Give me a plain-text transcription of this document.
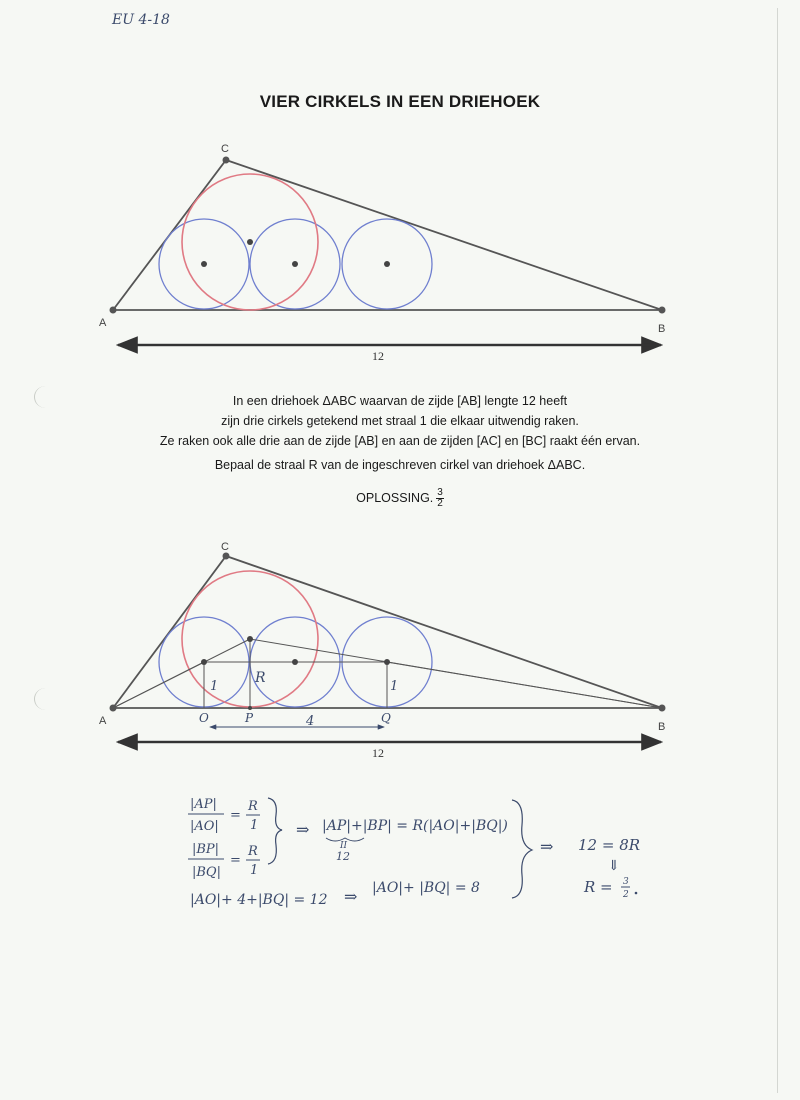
EU 4-18
VIER CIRKELS IN EEN DRIEHOEK
A	B
C
12
A	B
C
1
R
1
O	P	Q
4
12
|AP|
|AO|
=
R
1
|BP|
|BQ|
=
R
1
⇒ |AP|+|BP| = R(|AO|+|BQ|)
II
12
|AO|+ 4+|BQ| = 12 ⇒ |AO|+ |BQ| = 8
⇒ 12 = 8R
⇓
R = 3
2

In een driehoek ΔABC waarvan de zijde [AB] lengte 12 heeft

zijn drie cirkels getekend met straal 1 die elkaar uitwendig raken.

Ze raken ook alle drie aan de zijde [AB] en aan de zijden [AC] en [BC] raakt één ervan.

Bepaal de straal R van de ingeschreven cirkel van driehoek ΔABC.
OPLOSSING. $\frac{3}{2}$
